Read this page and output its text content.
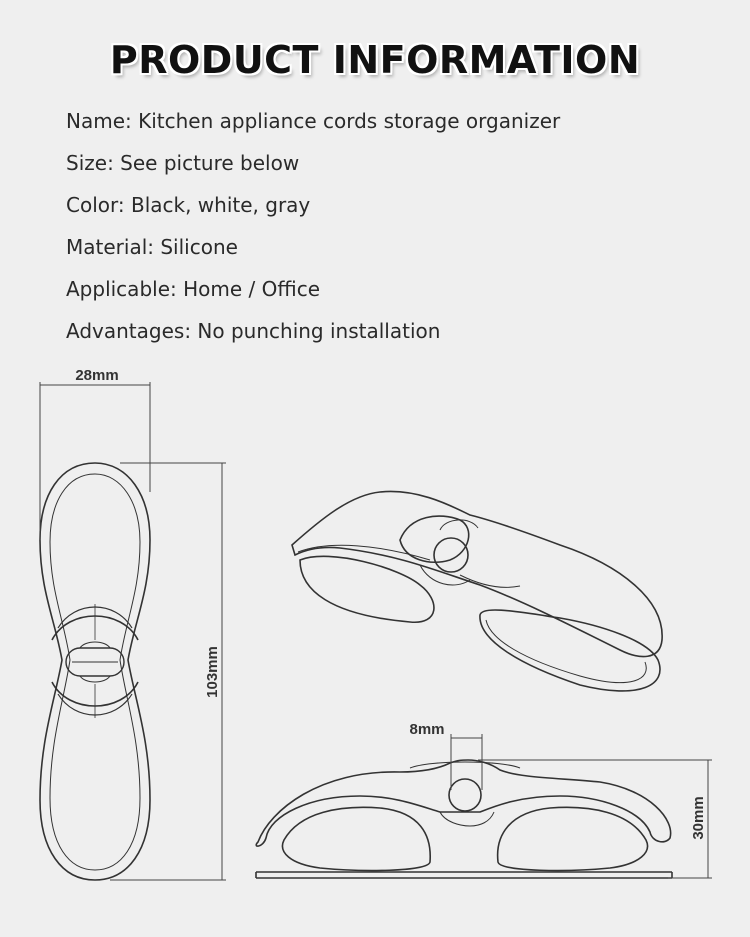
PRODUCT INFORMATION
Name: Kitchen appliance cords storage organizer
Size: See picture below
Color: Black, white, gray
Material: Silicone
Applicable: Home / Office
Advantages: No punching installation
28mm
103mm
8mm
30mm
